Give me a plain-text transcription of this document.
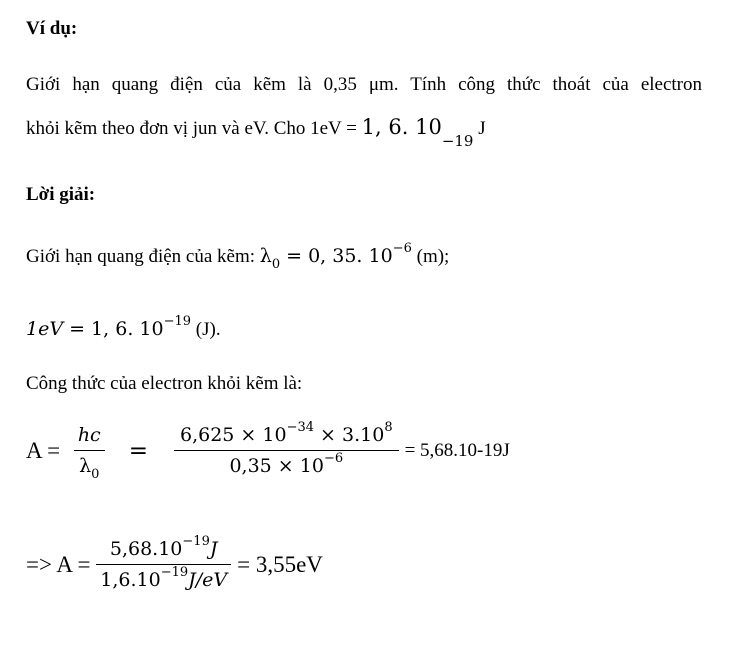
Ví dụ:
Giới hạn quang điện của kẽm là 0,35 μm. Tính công thức thoát của electron
khỏi kẽm theo đơn vị jun và eV. Cho 1eV = 1, 6. $10_{-19}$ J
Lời giải:
Giới hạn quang điện của kẽm: $\lambda_0 = 0$, 35. $10^{-6}$ (m);
1eV = 1, 6. $10^{-19}$ (J).
Công thức của electron khỏi kẽm là:
$A = \frac{hc}{\lambda_0} = \frac{6,625 \times 10^{-34} \times 3.10^8}{0,35 \times 10^{-6}} = 5,68.10-19J$
=> $A = \frac{5,68.10^{-19}J}{1,6.10^{-19}J/eV} = 3,55eV$
